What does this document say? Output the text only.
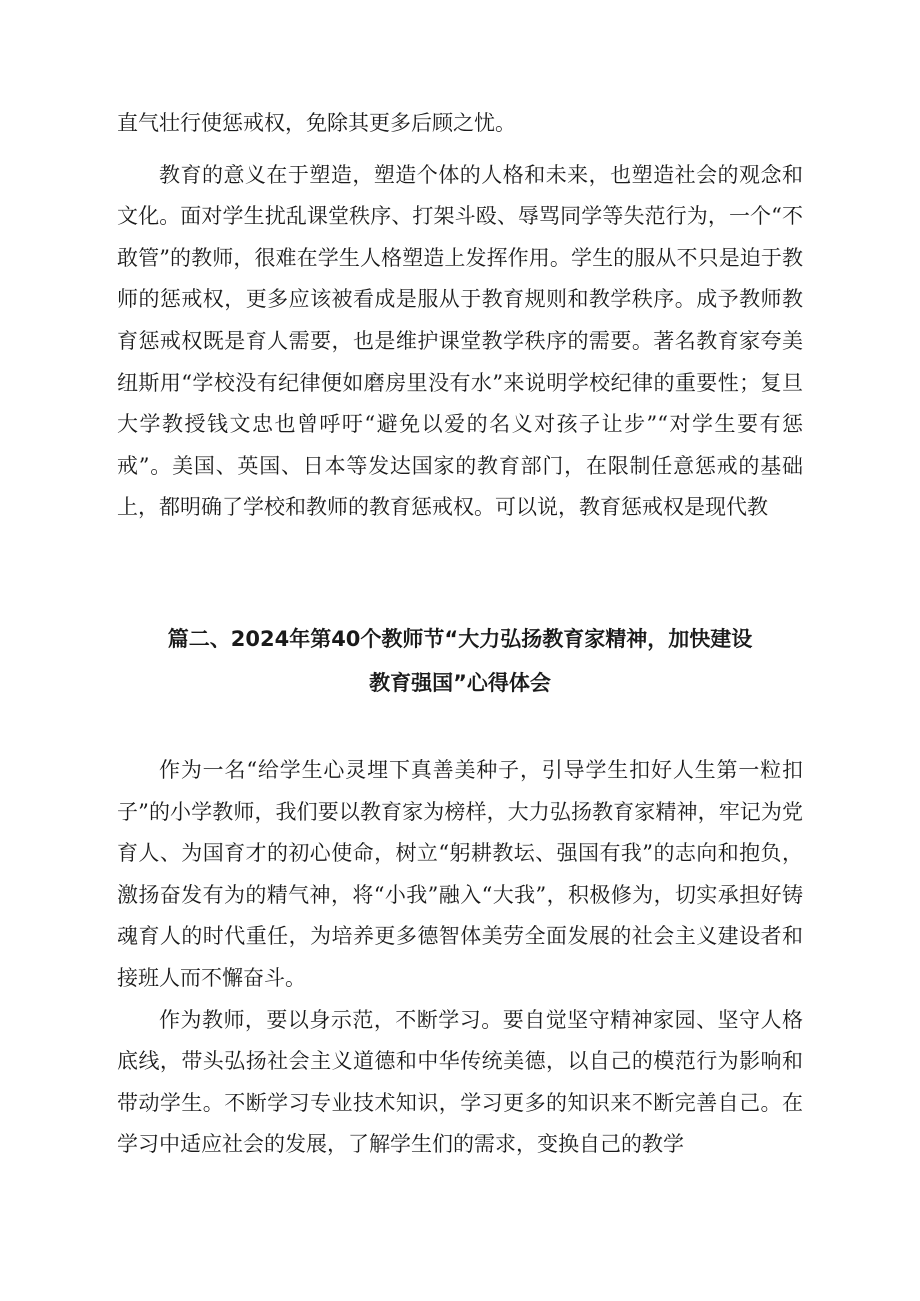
直气壮行使惩戒权，免除其更多后顾之忧。

教育的意义在于塑造，塑造个体的人格和未来，也塑造社会的观念和文化。面对学生扰乱课堂秩序、打架斗殴、辱骂同学等失范行为，一个“不敢管”的教师，很难在学生人格塑造上发挥作用。学生的服从不只是迫于教师的惩戒权，更多应该被看成是服从于教育规则和教学秩序。成予教师教育惩戒权既是育人需要，也是维护课堂教学秩序的需要。著名教育家夸美纽斯用“学校没有纪律便如磨房里没有水”来说明学校纪律的重要性；复旦大学教授钱文忠也曾呼吁“避免以爱的名义对孩子让步”“对学生要有惩戒”。美国、英国、日本等发达国家的教育部门，在限制任意惩戒的基础上，都明确了学校和教师的教育惩戒权。可以说，教育惩戒权是现代教

篇二、2024年第40个教师节“大力弘扬教育家精神，加快建设
教育强国”心得体会

作为一名“给学生心灵埋下真善美种子，引导学生扣好人生第一粒扣子”的小学教师，我们要以教育家为榜样，大力弘扬教育家精神，牢记为党育人、为国育才的初心使命，树立“躬耕教坛、强国有我”的志向和抱负，激扬奋发有为的精气神，将“小我”融入“大我”，积极修为，切实承担好铸魂育人的时代重任，为培养更多德智体美劳全面发展的社会主义建设者和接班人而不懈奋斗。

作为教师，要以身示范，不断学习。要自觉坚守精神家园、坚守人格底线，带头弘扬社会主义道德和中华传统美德，以自己的模范行为影响和带动学生。不断学习专业技术知识，学习更多的知识来不断完善自己。在学习中适应社会的发展，了解学生们的需求，变换自己的教学
